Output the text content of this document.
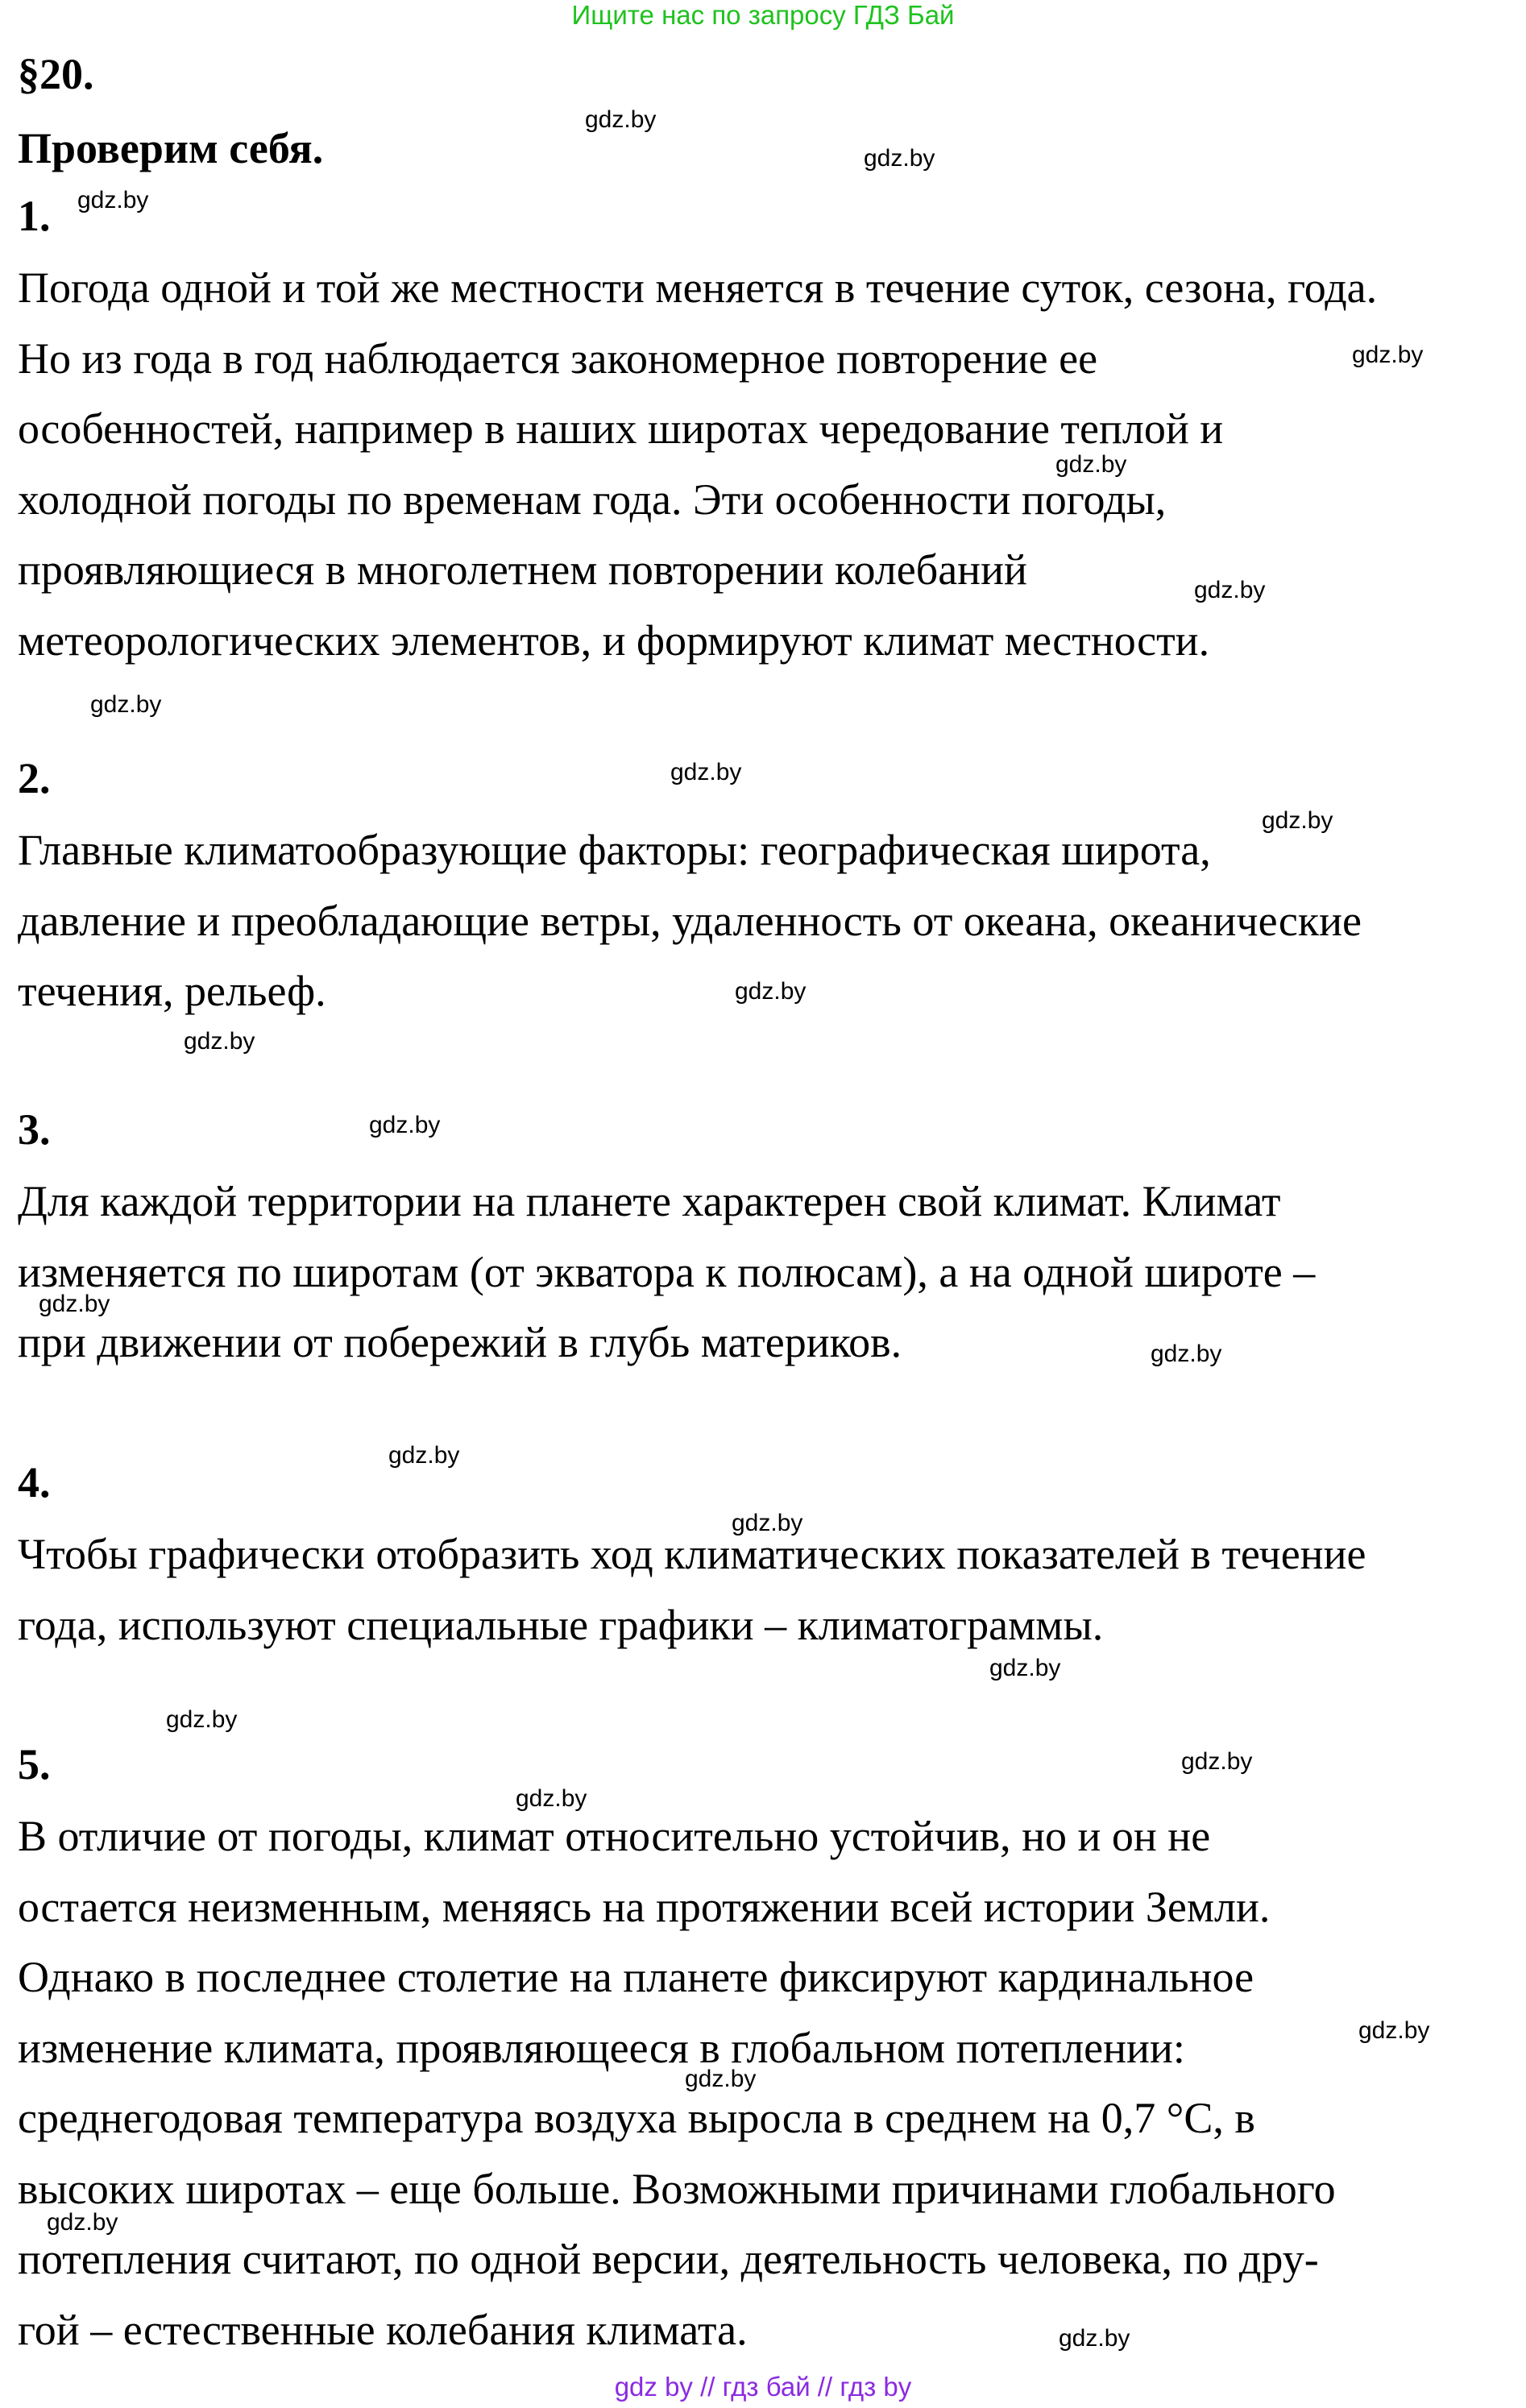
Ищите нас по запросу ГДЗ Бай
§20.
Проверим себя.
1.
Погода одной и той же местности меняется в течение суток, сезона, года.
Но из года в год наблюдается закономерное повторение ее
особенностей, например в наших широтах чередование теплой и
холодной погоды по временам года. Эти особенности погоды,
проявляющиеся в многолетнем повторении колебаний
метеорологических элементов, и формируют климат местности.
2.
Главные климатообразующие факторы: географическая широта,
давление и преобладающие ветры, удаленность от океана, океанические
течения, рельеф.
3.
Для каждой территории на планете характерен свой климат. Климат
изменяется по широтам (от экватора к полюсам), а на одной широте –
при движении от побережий в глубь материков.
4.
Чтобы графически отобразить ход климатических показателей в течение
года, используют специальные графики – климатограммы.
5.
В отличие от погоды, климат относительно устойчив, но и он не
остается неизменным, меняясь на протяжении всей истории Земли.
Однако в последнее столетие на планете фиксируют кардинальное
изменение климата, проявляющееся в глобальном потеплении:
среднегодовая температура воздуха выросла в среднем на 0,7 °С, в
высоких широтах – еще больше. Возможными причинами глобального
потепления считают, по одной версии, деятельность человека, по дру-
гой – естественные колебания климата.
gdz.by
gdz.by
gdz.by
gdz.by
gdz.by
gdz.by
gdz.by
gdz.by
gdz.by
gdz.by
gdz.by
gdz.by
gdz.by
gdz.by
gdz.by
gdz.by
gdz.by
gdz.by
gdz.by
gdz.by
gdz.by
gdz.by
gdz.by
gdz.by
gdz by // гдз бай // гдз by
